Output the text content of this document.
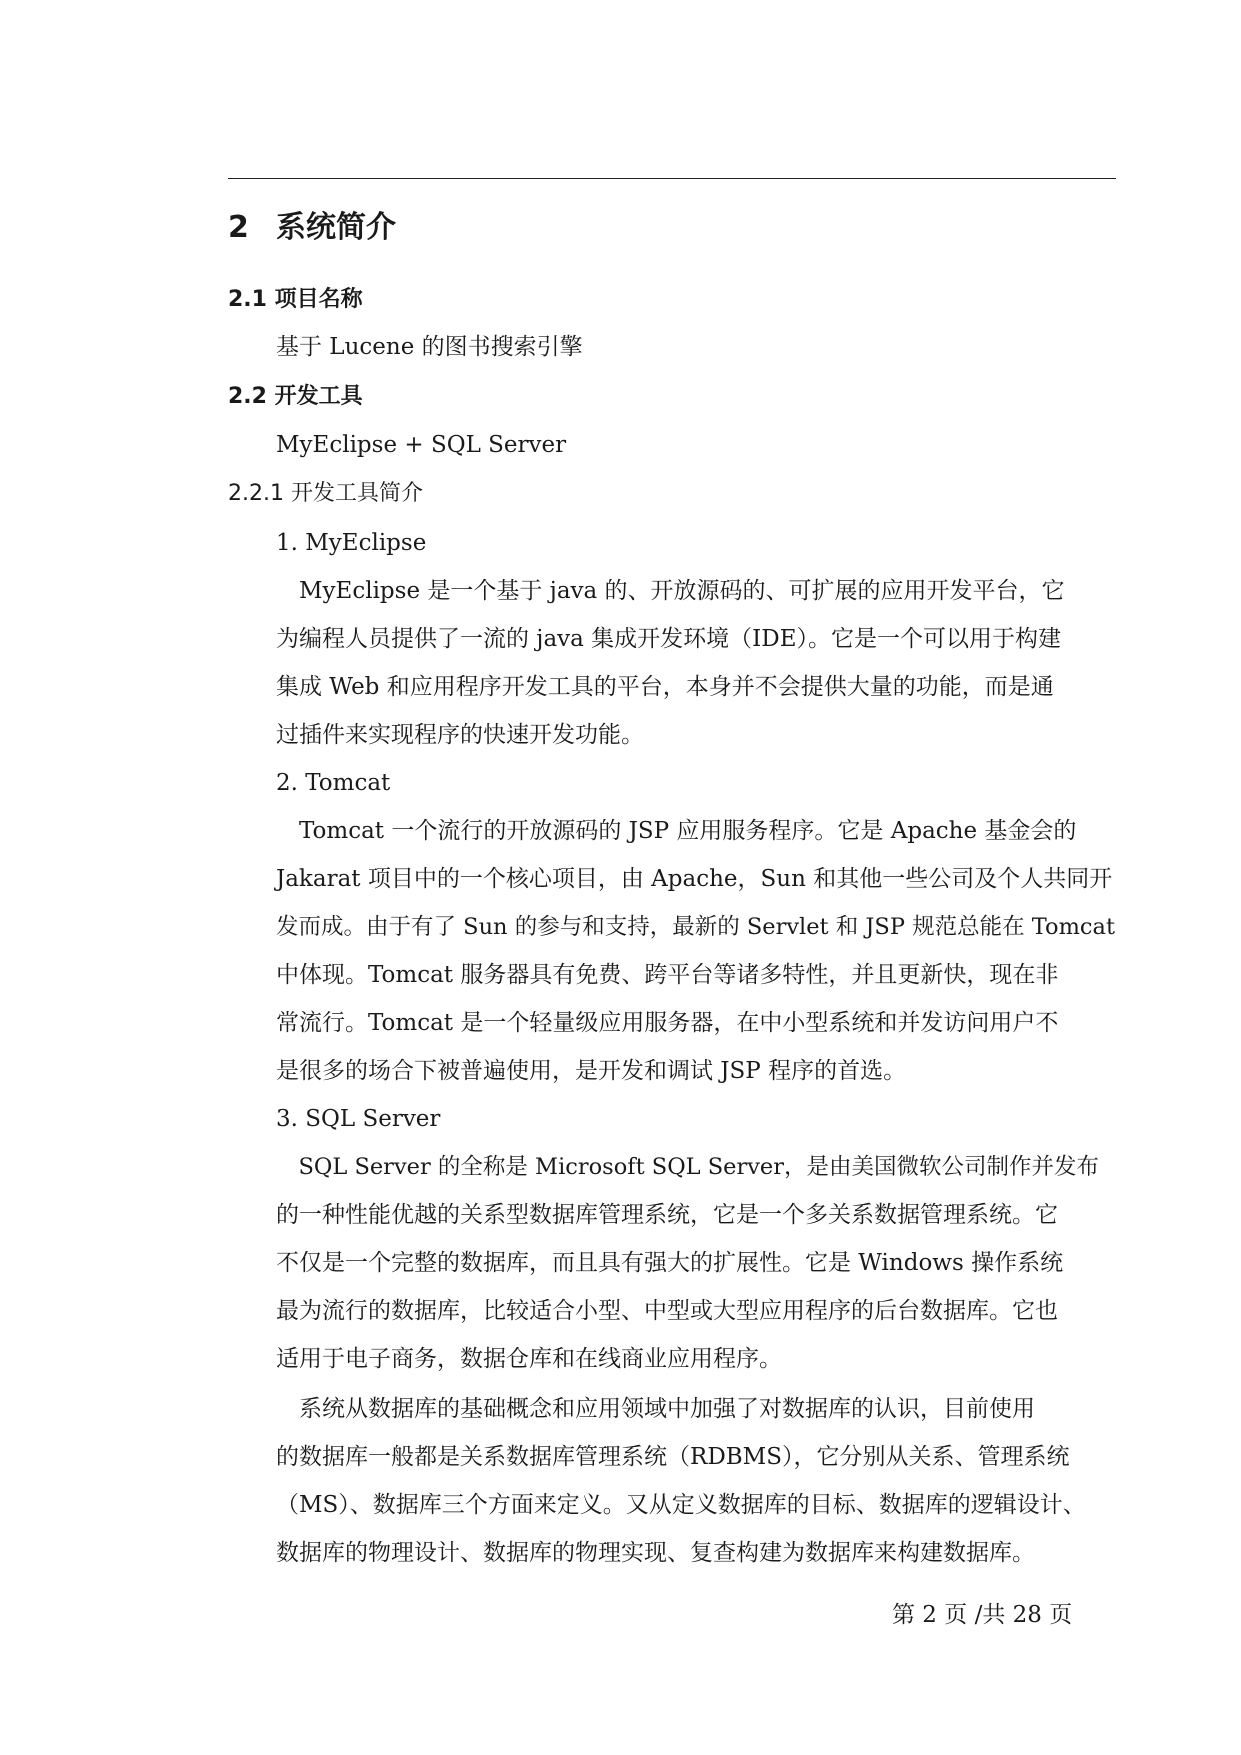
2 系统简介
2.1 项目名称
基于 Lucene 的图书搜索引擎
2.2 开发工具
MyEclipse + SQL Server
2.2.1 开发工具简介
1. MyEclipse
　MyEclipse 是一个基于 java 的、开放源码的、可扩展的应用开发平台，它
为编程人员提供了一流的 java 集成开发环境（IDE）。它是一个可以用于构建
集成 Web 和应用程序开发工具的平台，本身并不会提供大量的功能，而是通
过插件来实现程序的快速开发功能。
2. Tomcat
　Tomcat 一个流行的开放源码的 JSP 应用服务程序。它是 Apache 基金会的
Jakarat 项目中的一个核心项目，由 Apache，Sun 和其他一些公司及个人共同开
发而成。由于有了 Sun 的参与和支持，最新的 Servlet 和 JSP 规范总能在 Tomcat
中体现。Tomcat 服务器具有免费、跨平台等诸多特性，并且更新快，现在非
常流行。Tomcat 是一个轻量级应用服务器，在中小型系统和并发访问用户不
是很多的场合下被普遍使用，是开发和调试 JSP 程序的首选。
3. SQL Server
　SQL Server 的全称是 Microsoft SQL Server，是由美国微软公司制作并发布
的一种性能优越的关系型数据库管理系统，它是一个多关系数据管理系统。它
不仅是一个完整的数据库，而且具有强大的扩展性。它是 Windows 操作系统
最为流行的数据库，比较适合小型、中型或大型应用程序的后台数据库。它也
适用于电子商务，数据仓库和在线商业应用程序。
　系统从数据库的基础概念和应用领域中加强了对数据库的认识，目前使用
的数据库一般都是关系数据库管理系统（RDBMS），它分别从关系、管理系统
（MS）、数据库三个方面来定义。又从定义数据库的目标、数据库的逻辑设计、
数据库的物理设计、数据库的物理实现、复查构建为数据库来构建数据库。
第 2 页 /共 28 页
